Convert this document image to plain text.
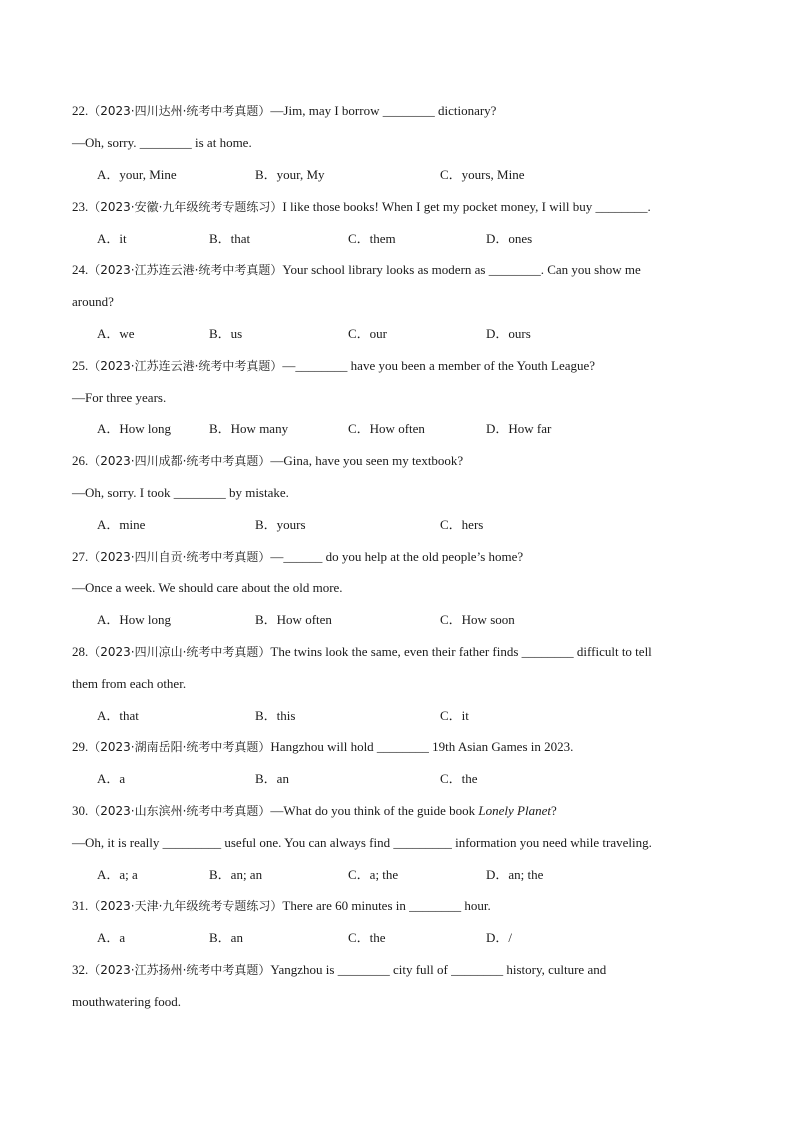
22.（2023·四川达州·统考中考真题）—Jim, may I borrow ________ dictionary?
—Oh, sorry. ________ is at home.
A．your, Mine	B．your, My	C．yours, Mine
23.（2023·安徽·九年级统考专题练习）I like those books! When I get my pocket money, I will buy ________.
A．it	B．that	C．them	D．ones
24.（2023·江苏连云港·统考中考真题）Your school library looks as modern as ________. Can you show me
around?
A．we	B．us	C．our	D．ours
25.（2023·江苏连云港·统考中考真题）—________ have you been a member of the Youth League?
—For three years.
A．How long	B．How many	C．How often	D．How far
26.（2023·四川成都·统考中考真题）—Gina, have you seen my textbook?
—Oh, sorry. I took ________ by mistake.
A．mine	B．yours	C．hers
27.（2023·四川自贡·统考中考真题）—______ do you help at the old people’s home?
—Once a week. We should care about the old more.
A．How long	B．How often	C．How soon
28.（2023·四川凉山·统考中考真题）The twins look the same, even their father finds ________ difficult to tell
them from each other.
A．that	B．this	C．it
29.（2023·湖南岳阳·统考中考真题）Hangzhou will hold ________ 19th Asian Games in 2023.
A．a	B．an	C．the
30.（2023·山东滨州·统考中考真题）—What do you think of the guide book Lonely Planet?
—Oh, it is really _________ useful one. You can always find _________ information you need while traveling.
A．a; a	B．an; an	C．a; the	D．an; the
31.（2023·天津·九年级统考专题练习）There are 60 minutes in ________ hour.
A．a	B．an	C．the	D．/
32.（2023·江苏扬州·统考中考真题）Yangzhou is ________ city full of ________ history, culture and
mouthwatering food.
